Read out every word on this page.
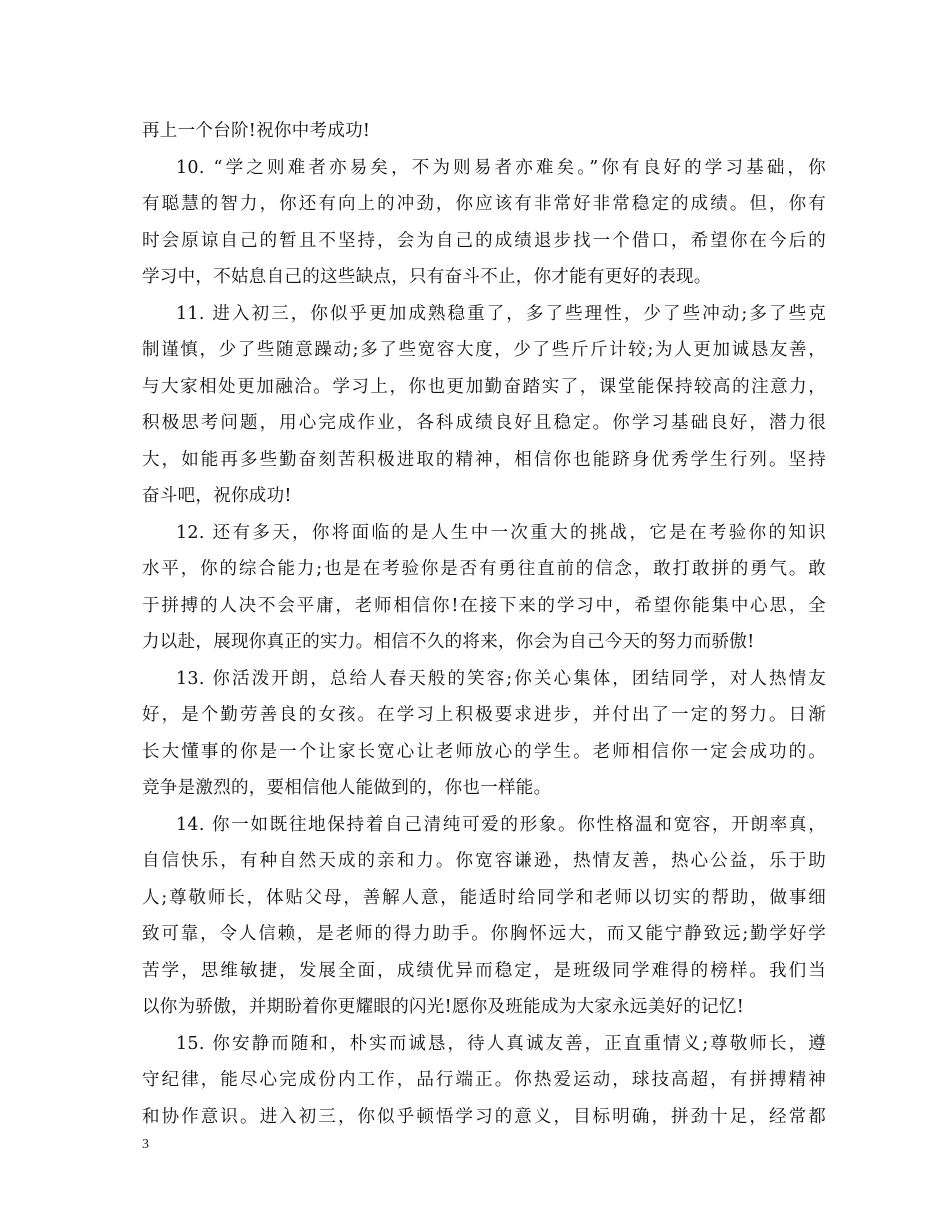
再上一个台阶!祝你中考成功!
10. “学之则难者亦易矣，不为则易者亦难矣。”你有良好的学习基础，你
有聪慧的智力，你还有向上的冲劲，你应该有非常好非常稳定的成绩。但，你有
时会原谅自己的暂且不坚持，会为自己的成绩退步找一个借口，希望你在今后的
学习中，不姑息自己的这些缺点，只有奋斗不止，你才能有更好的表现。
11. 进入初三，你似乎更加成熟稳重了，多了些理性，少了些冲动;多了些克
制谨慎，少了些随意躁动;多了些宽容大度，少了些斤斤计较;为人更加诚恳友善，
与大家相处更加融洽。学习上，你也更加勤奋踏实了，课堂能保持较高的注意力，
积极思考问题，用心完成作业，各科成绩良好且稳定。你学习基础良好，潜力很
大，如能再多些勤奋刻苦积极进取的精神，相信你也能跻身优秀学生行列。坚持
奋斗吧，祝你成功!
12. 还有多天，你将面临的是人生中一次重大的挑战，它是在考验你的知识
水平，你的综合能力;也是在考验你是否有勇往直前的信念，敢打敢拼的勇气。敢
于拼搏的人决不会平庸，老师相信你!在接下来的学习中，希望你能集中心思，全
力以赴，展现你真正的实力。相信不久的将来，你会为自己今天的努力而骄傲!
13. 你活泼开朗，总给人春天般的笑容;你关心集体，团结同学，对人热情友
好，是个勤劳善良的女孩。在学习上积极要求进步，并付出了一定的努力。日渐
长大懂事的你是一个让家长宽心让老师放心的学生。老师相信你一定会成功的。
竞争是激烈的，要相信他人能做到的，你也一样能。
14. 你一如既往地保持着自己清纯可爱的形象。你性格温和宽容，开朗率真，
自信快乐，有种自然天成的亲和力。你宽容谦逊，热情友善，热心公益，乐于助
人;尊敬师长，体贴父母，善解人意，能适时给同学和老师以切实的帮助，做事细
致可靠，令人信赖，是老师的得力助手。你胸怀远大，而又能宁静致远;勤学好学
苦学，思维敏捷，发展全面，成绩优异而稳定，是班级同学难得的榜样。我们当
以你为骄傲，并期盼着你更耀眼的闪光!愿你及班能成为大家永远美好的记忆!
15. 你安静而随和，朴实而诚恳，待人真诚友善，正直重情义;尊敬师长，遵
守纪律，能尽心完成份内工作，品行端正。你热爱运动，球技高超，有拼搏精神
和协作意识。进入初三，你似乎顿悟学习的意义，目标明确，拼劲十足，经常都
3
